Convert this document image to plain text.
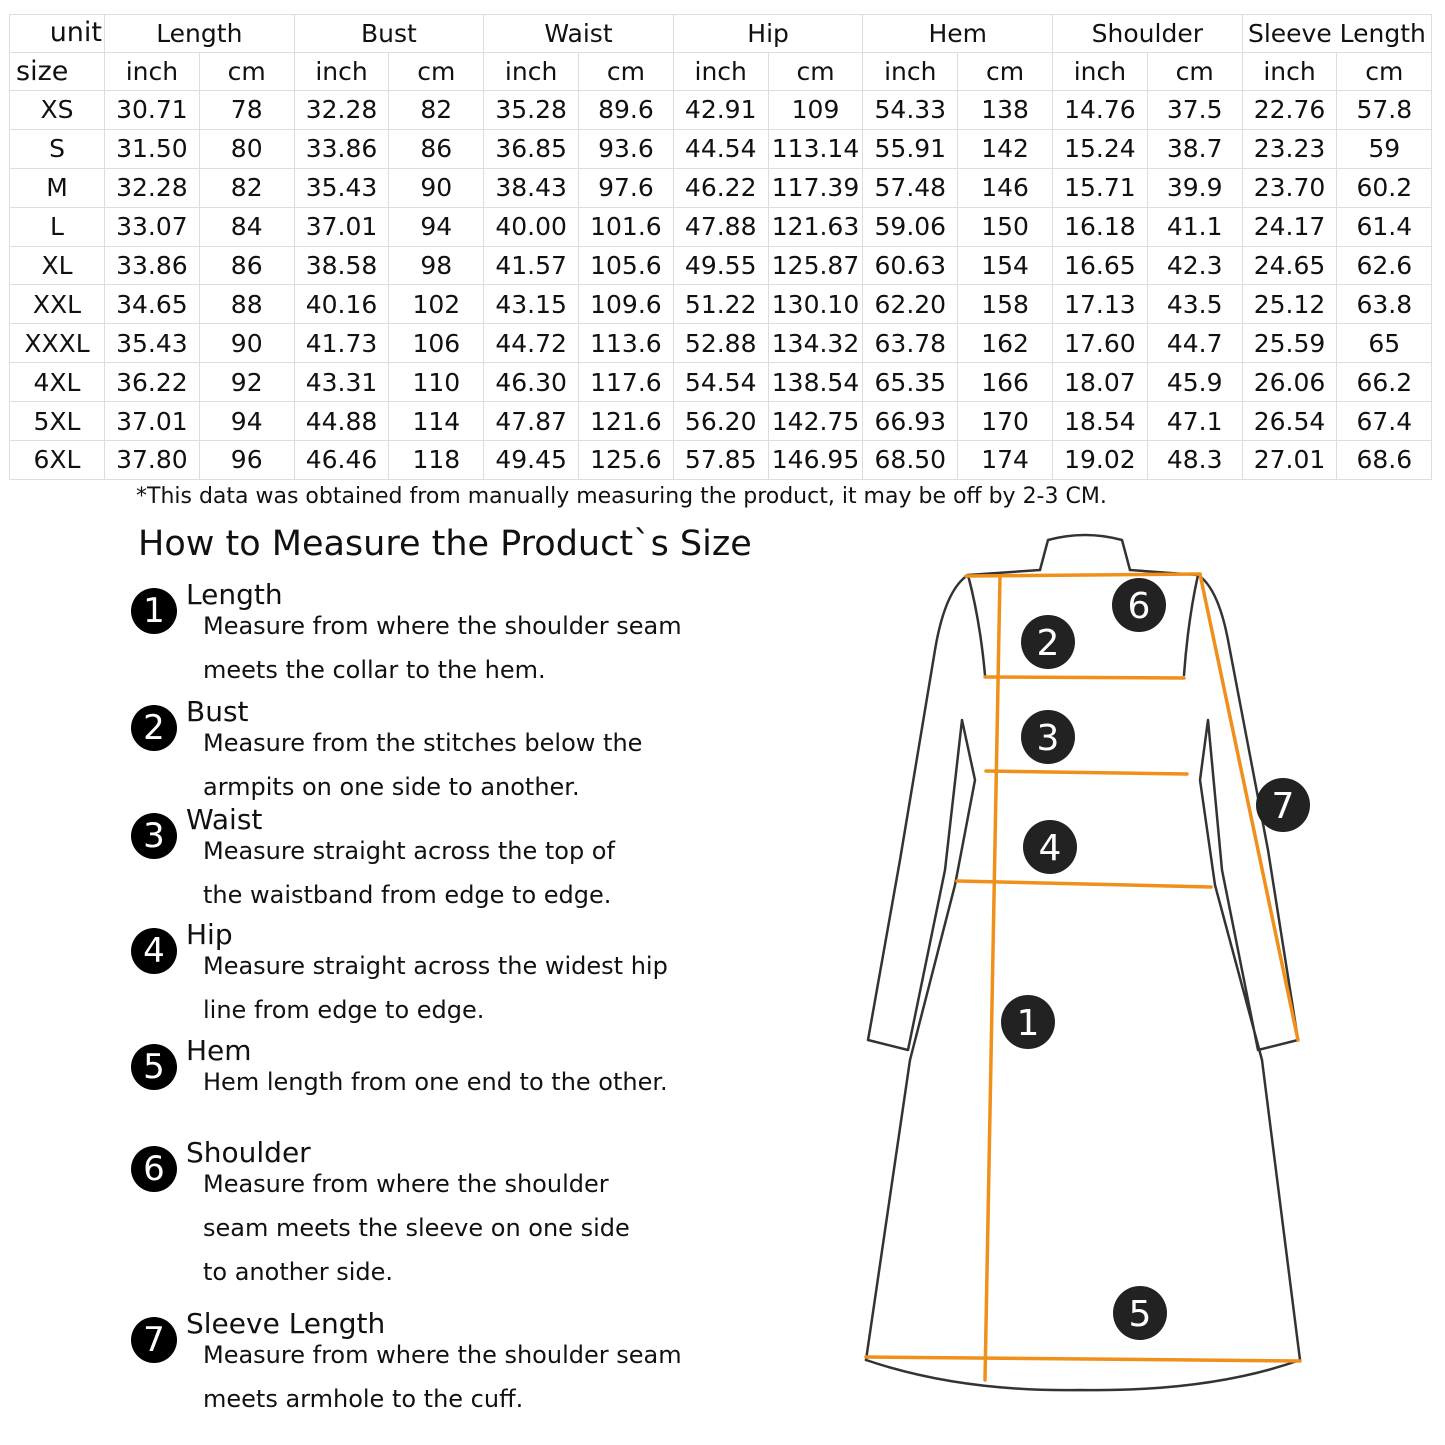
unit	Length		Bust		Waist		Hip		Hem		Shoulder		Sleeve Length	
size	inch	cm	inch	cm	inch	cm	inch	cm	inch	cm	inch	cm	inch	cm
XS	30.71	78	32.28	82	35.28	89.6	42.91	109	54.33	138	14.76	37.5	22.76	57.8
S	31.50	80	33.86	86	36.85	93.6	44.54	113.14	55.91	142	15.24	38.7	23.23	59
M	32.28	82	35.43	90	38.43	97.6	46.22	117.39	57.48	146	15.71	39.9	23.70	60.2
L	33.07	84	37.01	94	40.00	101.6	47.88	121.63	59.06	150	16.18	41.1	24.17	61.4
XL	33.86	86	38.58	98	41.57	105.6	49.55	125.87	60.63	154	16.65	42.3	24.65	62.6
XXL	34.65	88	40.16	102	43.15	109.6	51.22	130.10	62.20	158	17.13	43.5	25.12	63.8
XXXL	35.43	90	41.73	106	44.72	113.6	52.88	134.32	63.78	162	17.60	44.7	25.59	65
4XL	36.22	92	43.31	110	46.30	117.6	54.54	138.54	65.35	166	18.07	45.9	26.06	66.2
5XL	37.01	94	44.88	114	47.87	121.6	56.20	142.75	66.93	170	18.54	47.1	26.54	67.4
6XL	37.80	96	46.46	118	49.45	125.6	57.85	146.95	68.50	174	19.02	48.3	27.01	68.6
*This data was obtained from manually measuring the product, it may be off by 2-3 CM.
How to Measure the Product`s Size
1 Length
Measure from where the shoulder seam
meets the collar to the hem.
2 Bust
Measure from the stitches below the
armpits on one side to another.
3 Waist
Measure straight across the top of
the waistband from edge to edge.
4 Hip
Measure straight across the widest hip
line from edge to edge.
5 Hem
Hem length from one end to the other.
6 Shoulder
Measure from where the shoulder
seam meets the sleeve on one side
to another side.
7 Sleeve Length
Measure from where the shoulder seam
meets armhole to the cuff.
1
2
3
4
5
6
7
